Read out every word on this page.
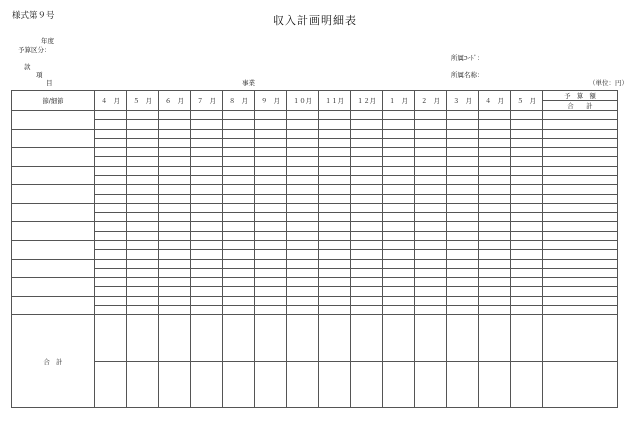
様式第９号	収入計画明細表
年度
予算区分：
款
項
目	事業
所属ｺｰﾄﾞ：
所属名称：
（単位：円）
節/細節	４　月	５　月	６　月	７　月	８　月	９　月	１０月	１１月	１２月	１　月	２　月	３　月	４　月	５　月	予　算　額
合　　計

合　計															
